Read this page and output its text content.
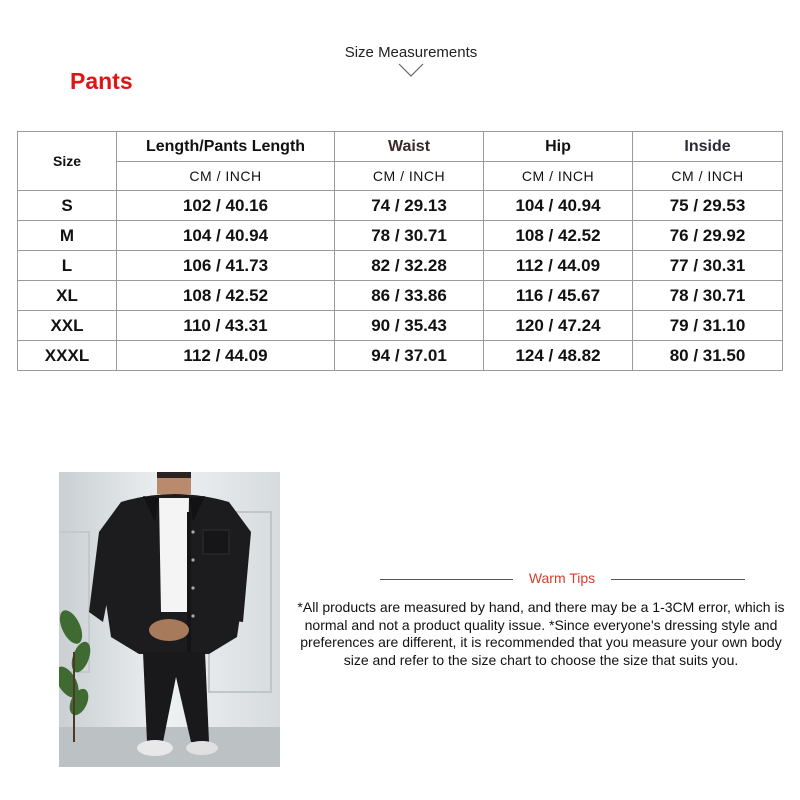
Size Measurements
Pants
Size	Length/Pants Length	Waist	Hip	Inside
	CM / INCH	CM / INCH	CM / INCH	CM / INCH
S	102 / 40.16	74 / 29.13	104 / 40.94	75 / 29.53
M	104 / 40.94	78 / 30.71	108 / 42.52	76 / 29.92
L	106 / 41.73	82 / 32.28	112 / 44.09	77 / 30.31
XL	108 / 42.52	86 / 33.86	116 / 45.67	78 / 30.71
XXL	110 / 43.31	90 / 35.43	120 / 47.24	79 / 31.10
XXXL	112 / 44.09	94 / 37.01	124 / 48.82	80 / 31.50
Warm Tips
*All products are measured by hand, and there may be a 1-3CM error, which is normal and not a product quality issue. *Since everyone's dressing style and preferences are different, it is recommended that you measure your own body size and refer to the size chart to choose the size that suits you.
